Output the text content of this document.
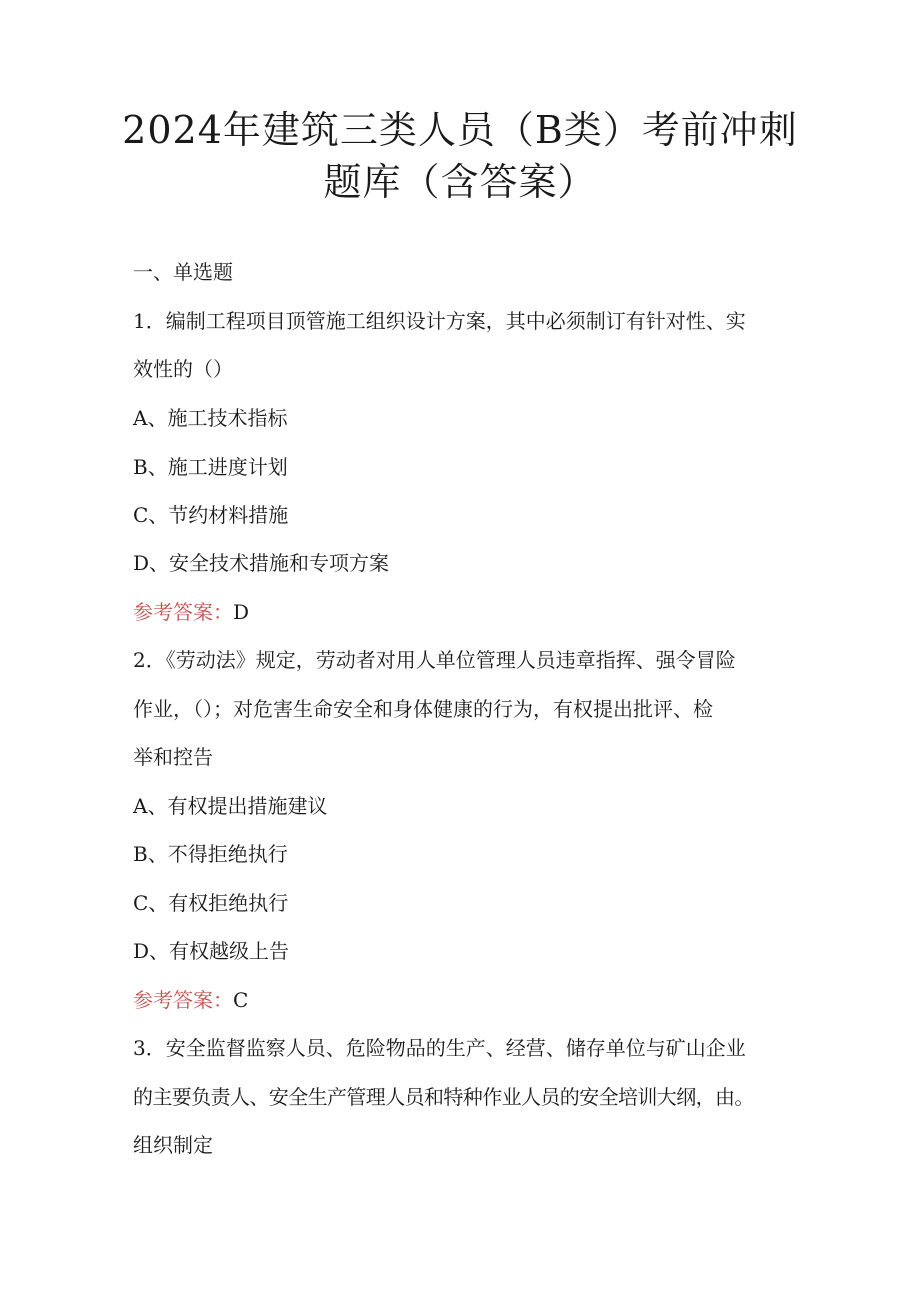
2024年建筑三类人员（B类）考前冲刺
题库（含答案）
一、单选题
1．编制工程项目顶管施工组织设计方案，其中必须制订有针对性、实
效性的（）
A、施工技术指标
B、施工进度计划
C、节约材料措施
D、安全技术措施和专项方案
参考答案：D
2．《劳动法》规定，劳动者对用人单位管理人员违章指挥、强令冒险
作业，（）；对危害生命安全和身体健康的行为，有权提出批评、检
举和控告
A、有权提出措施建议
B、不得拒绝执行
C、有权拒绝执行
D、有权越级上告
参考答案：C
3．安全监督监察人员、危险物品的生产、经营、储存单位与矿山企业
的主要负责人、安全生产管理人员和特种作业人员的安全培训大纲，由。
组织制定
